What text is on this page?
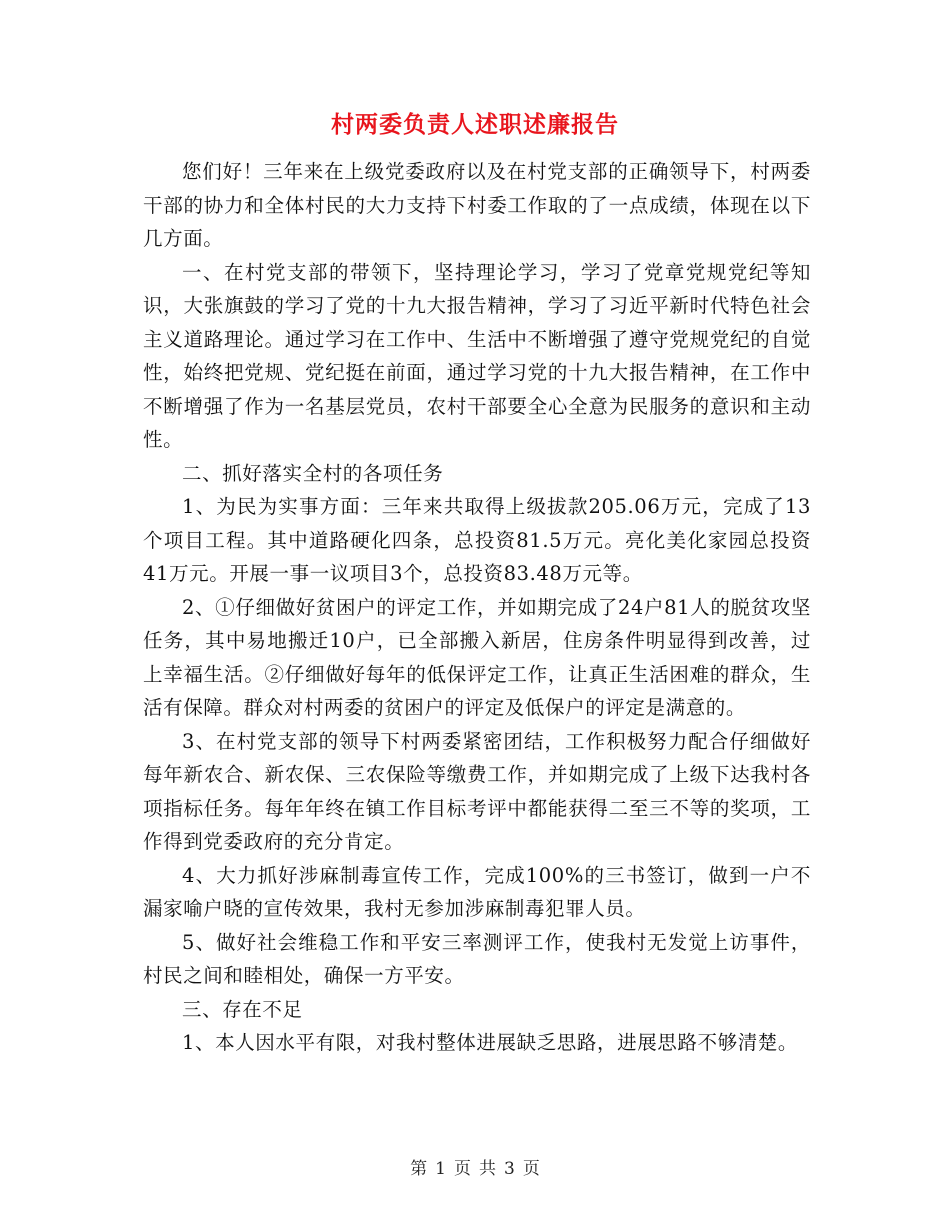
村两委负责人述职述廉报告

您们好！三年来在上级党委政府以及在村党支部的正确领导下，村两委干部的协力和全体村民的大力支持下村委工作取的了一点成绩，体现在以下几方面。

一、在村党支部的带领下，坚持理论学习，学习了党章党规党纪等知识，大张旗鼓的学习了党的十九大报告精神，学习了习近平新时代特色社会主义道路理论。通过学习在工作中、生活中不断增强了遵守党规党纪的自觉性，始终把党规、党纪挺在前面，通过学习党的十九大报告精神，在工作中不断增强了作为一名基层党员，农村干部要全心全意为民服务的意识和主动性。

二、抓好落实全村的各项任务

1、为民为实事方面：三年来共取得上级拔款205.06万元，完成了13个项目工程。其中道路硬化四条，总投资81.5万元。亮化美化家园总投资41万元。开展一事一议项目3个，总投资83.48万元等。

2、①仔细做好贫困户的评定工作，并如期完成了24户81人的脱贫攻坚任务，其中易地搬迁10户，已全部搬入新居，住房条件明显得到改善，过上幸福生活。②仔细做好每年的低保评定工作，让真正生活困难的群众，生活有保障。群众对村两委的贫困户的评定及低保户的评定是满意的。

3、在村党支部的领导下村两委紧密团结，工作积极努力配合仔细做好每年新农合、新农保、三农保险等缴费工作，并如期完成了上级下达我村各项指标任务。每年年终在镇工作目标考评中都能获得二至三不等的奖项，工作得到党委政府的充分肯定。

4、大力抓好涉麻制毒宣传工作，完成100%的三书签订，做到一户不漏家喻户晓的宣传效果，我村无参加涉麻制毒犯罪人员。

5、做好社会维稳工作和平安三率测评工作，使我村无发觉上访事件，村民之间和睦相处，确保一方平安。

三、存在不足

1、本人因水平有限，对我村整体进展缺乏思路，进展思路不够清楚。

第 1 页 共 3 页
